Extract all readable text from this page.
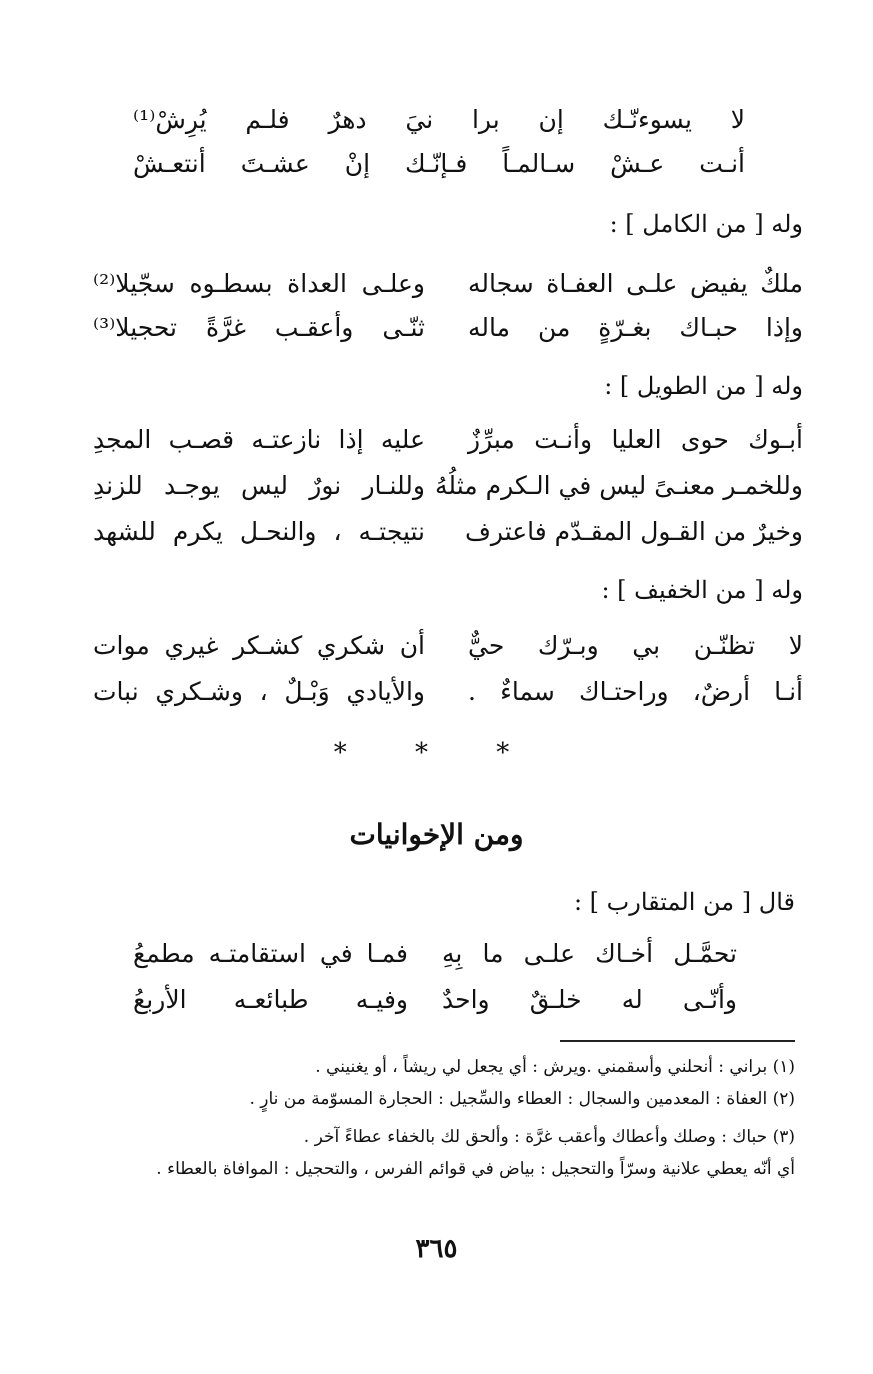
لا
يسوءنّـك
إن
برا
نيَ
دهرٌ
فلـم
يُرِشْ⁽¹⁾
أنـت
عـشْ
سـالمـاً
فـإنّـك
إنْ
عشـتَ
أنتعـشْ
وله [ من الكامل ] :
ملكٌ يفيض علـى العفـاة سجاله
وعلـى العداة بسطـوه سجّيلا⁽²⁾
وإذا حبـاك بغـرّةٍ من ماله
ثنّـى وأعقـب غرَّةً تحجيلا⁽³⁾
وله [ من الطويل ] :
أبـوك حوى العليا وأنـت مبرِّزٌ
عليه إذا نازعتـه قصـب المجدِ
وللخمـر معنـىً ليس في الـكرم مثلُهُ
وللنـار نورٌ ليس يوجـد للزندِ
وخيرٌ من القـول المقـدّم فاعترف
نتيجتـه ، والنحـل يكرم للشهد
وله [ من الخفيف ] :
لا تظنّـن بي وبـرّك حيٌّ
أن شكري كشـكر غيري موات
أنـا أرضٌ، وراحتـاك سماءٌ .
والأيادي وَبْـلٌ ، وشـكري نبات
* * *
ومن الإخوانيات
قال [ من المتقارب ] :
تحمَّـل أخـاك علـى ما بِهِ
فمـا في استقامتـه مطمعُ
وأنّـى له خلـقٌ واحدٌ
وفيـه طبائعـه الأربعُ
(١) براني : أنحلني وأسقمني .ويرش : أي يجعل لي ريشاً ، أو يغنيني .
(٢) العفاة : المعدمين والسجال : العطاء والسِّجيل : الحجارة المسوّمة من نارٍ .
(٣) حباك : وصلك وأعطاك وأعقب غرَّة : وألحق لك بالخفاء عطاءً آخر .
أي أنّه يعطي علانية وسرّاً والتحجيل : بياض في قوائم الفرس ، والتحجيل : الموافاة بالعطاء .
٣٦٥
